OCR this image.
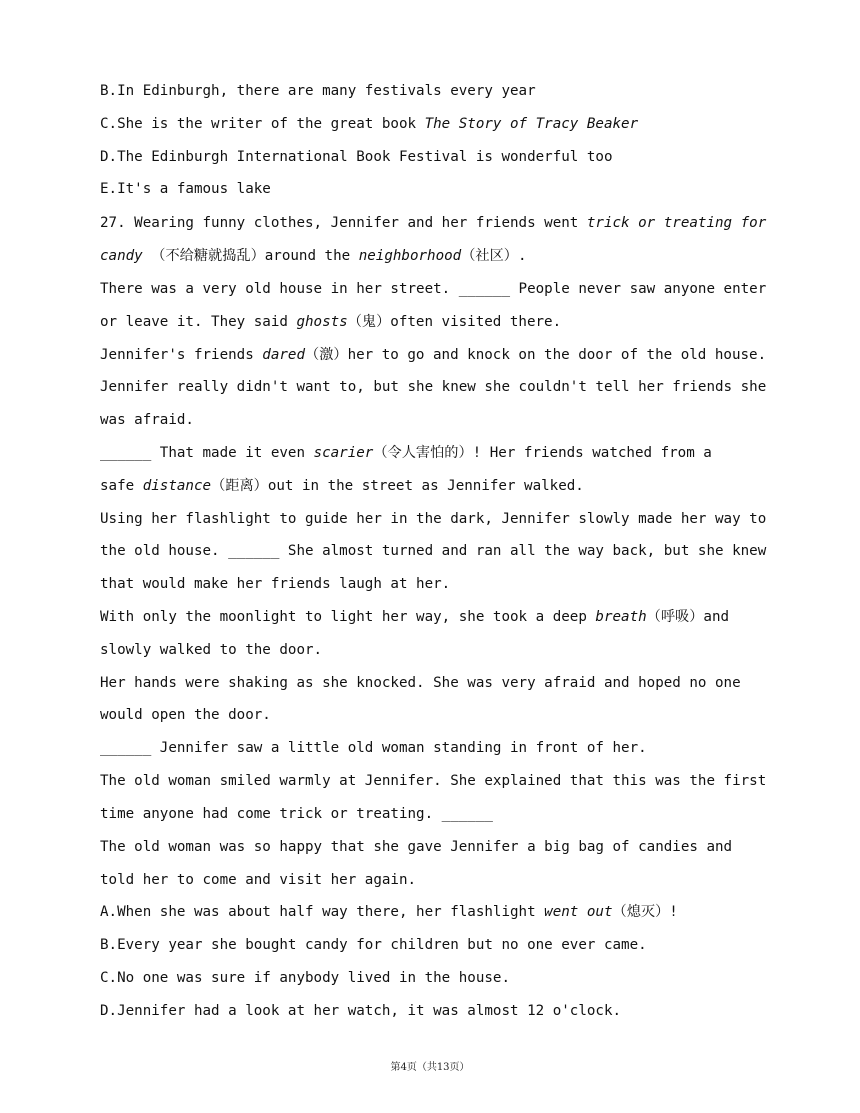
B.In Edinburgh, there are many festivals every year
C.She is the writer of the great book The Story of Tracy Beaker
D.The Edinburgh International Book Festival is wonderful too
E.It's a famous lake
27. Wearing funny clothes, Jennifer and her friends went trick or treating for
candy （不给糖就捣乱）around the neighborhood（社区）.
There was a very old house in her street. ______ People never saw anyone enter
or leave it. They said ghosts（鬼）often visited there.
Jennifer's friends dared（激）her to go and knock on the door of the old house.
Jennifer really didn't want to, but she knew she couldn't tell her friends she
was afraid.
______ That made it even scarier（令人害怕的）! Her friends watched from a
safe distance（距离）out in the street as Jennifer walked.
Using her flashlight to guide her in the dark, Jennifer slowly made her way to
the old house. ______ She almost turned and ran all the way back, but she knew
that would make her friends laugh at her.
With only the moonlight to light her way, she took a deep breath（呼吸）and
slowly walked to the door.
Her hands were shaking as she knocked. She was very afraid and hoped no one
would open the door.
______ Jennifer saw a little old woman standing in front of her.
The old woman smiled warmly at Jennifer. She explained that this was the first
time anyone had come trick or treating. ______
The old woman was so happy that she gave Jennifer a big bag of candies and
told her to come and visit her again.
A.When she was about half way there, her flashlight went out（熄灭）!
B.Every year she bought candy for children but no one ever came.
C.No one was sure if anybody lived in the house.
D.Jennifer had a look at her watch, it was almost 12 o'clock.
第4页（共13页）
